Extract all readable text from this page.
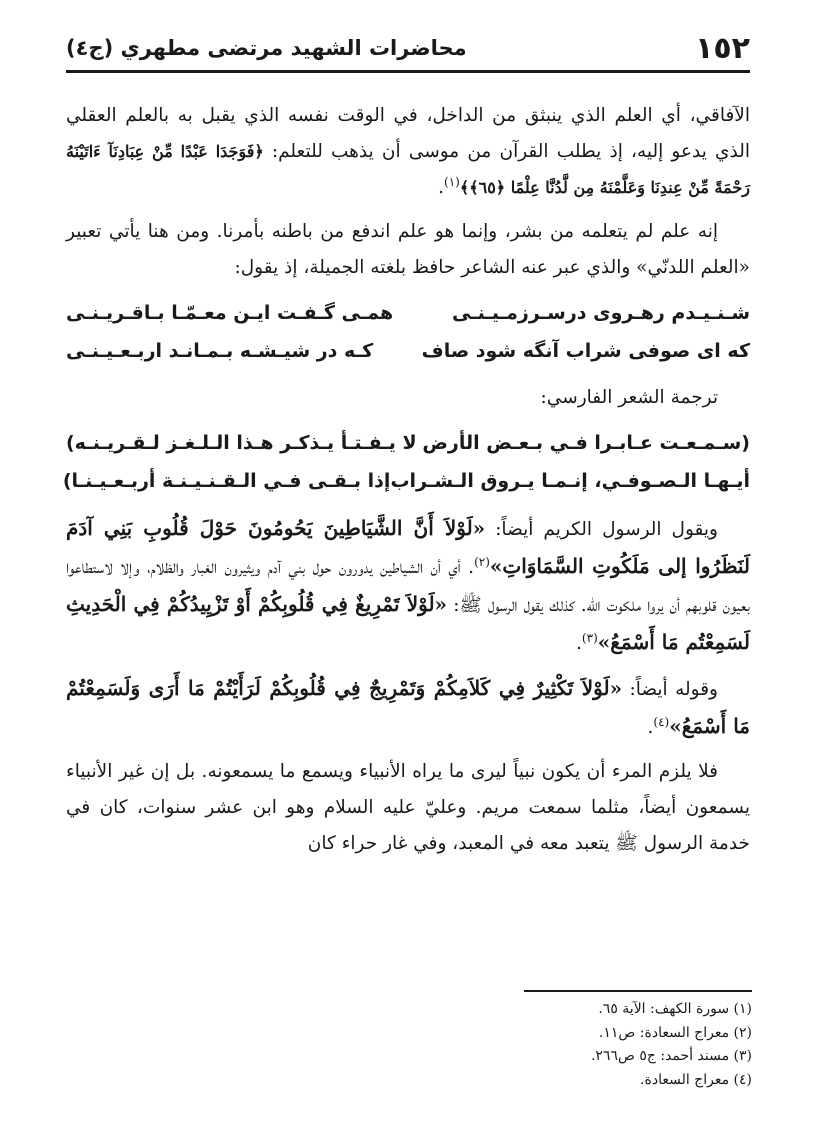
١٥٢
محاضرات الشهيد مرتضى مطهري (ج٤)

الآفاقي، أي العلم الذي ينبثق من الداخل، في الوقت نفسه الذي يقبل به بالعلم العقلي الذي يدعو إليه، إذ يطلب القرآن من موسى أن يذهب للتعلم: ﴿فَوَجَدَا عَبْدًا مِّنْ عِبَادِنَآ ءَاتَيْنَهُ رَحْمَةً مِّنْ عِندِنَا وَعَلَّمْنَهُ مِن لَّدُنَّا عِلْمًا ﴿٦٥﴾﴾$^{(١)}$.

إنه علم لم يتعلمه من بشر، وإنما هو علم اندفع من باطنه بأمرنا. ومن هنا يأتي تعبير «العلم اللدنّي» والذي عبر عنه الشاعر حافظ بلغته الجميلة، إذ يقول:

شـنـيـدم رهـروى درسـرزمـيـنـى
همـى گـفـت ايـن معـمّـا بـاقـريـنـى
كه اى صوفى شراب آنگه شود صاف
كـه در شيـشـه بـمـانـد اربـعـيـنـى

ترجمة الشعر الفارسي:

(سـمـعـت عـابـرا فـي بـعـض الأرض
لا يـفـتـأ يـذكـر هـذا الـلـغـز لـقـريـنـه)
أيـهـا الـصـوفـي، إنـمـا يـروق الـشـراب
إذا بـقـى فـي الـقـنـيـنـة أربـعـيـنـا)

ويقول الرسول الكريم أيضاً: «لَوْلاَ أَنَّ الشَّيَاطِينَ يَحُومُونَ حَوْلَ قُلُوبِ بَنِي آدَمَ لَنَظَرُوا إلى مَلَكُوتِ السَّمَاوَاتِ»$^{(٢)}$. أي أن الشياطين يدورون حول بني آدم ويثيرون الغبار والظلام، وإلا لاستطاعوا بعيون قلوبهم أن يروا ملكوت الله. كذلك يقول الرسول ﷺ: «لَوْلاَ تَمْرِيغٌ فِي قُلُوبِكُمْ أَوْ تَزْيِيدُكُمْ فِي الْحَدِيثِ لَسَمِعْتُم مَا أَسْمَعُ»$^{(٣)}$.

وقوله أيضاً: «لَوْلاَ تَكْثِيرٌ فِي كَلاَمِكُمْ وَتَمْرِيجٌ فِي قُلُوبِكُمْ لَرَأَيْتُمْ مَا أَرَى وَلَسَمِعْتُمْ مَا أَسْمَعُ»$^{(٤)}$.

فلا يلزم المرء أن يكون نبياً ليرى ما يراه الأنبياء ويسمع ما يسمعونه. بل إن غير الأنبياء يسمعون أيضاً، مثلما سمعت مريم. وعليّ عليه السلام وهو ابن عشر سنوات، كان في خدمة الرسول ﷺ يتعبد معه في المعبد، وفي غار حراء كان

(١) سورة الكهف: الآية ٦٥.
(٢) معراج السعادة: ص١١.
(٣) مسند أحمد: ج٥ ص٢٦٦.
(٤) معراج السعادة.
